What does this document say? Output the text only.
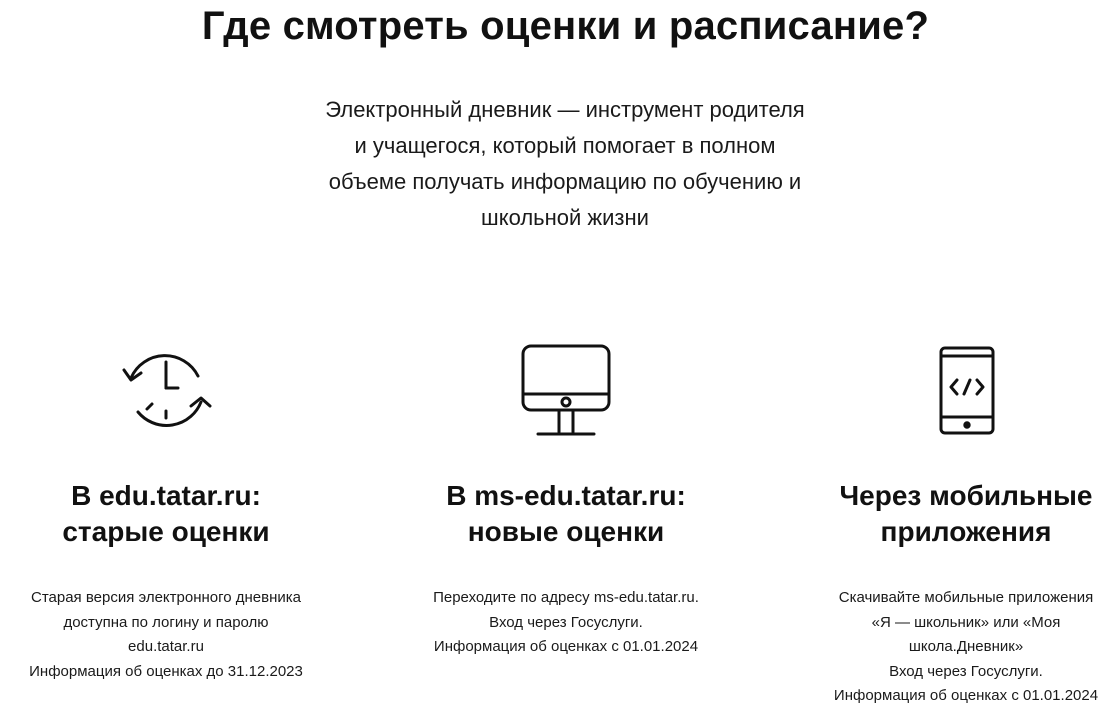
Где смотреть оценки и расписание?
Электронный дневник — инструмент родителя
и учащегося, который помогает в полном
объеме получать информацию по обучению и
школьной жизни
В edu.tatar.ru:
старые оценки
Старая версия электронного дневника
доступна по логину и паролю
edu.tatar.ru
Информация об оценках до 31.12.2023
В ms-edu.tatar.ru:
новые оценки
Переходите по адресу ms-edu.tatar.ru.
Вход через Госуслуги.
Информация об оценках с 01.01.2024
Через мобильные
приложения
Скачивайте мобильные приложения
«Я — школьник» или «Моя
школа.Дневник»
Вход через Госуслуги.
Информация об оценках с 01.01.2024
